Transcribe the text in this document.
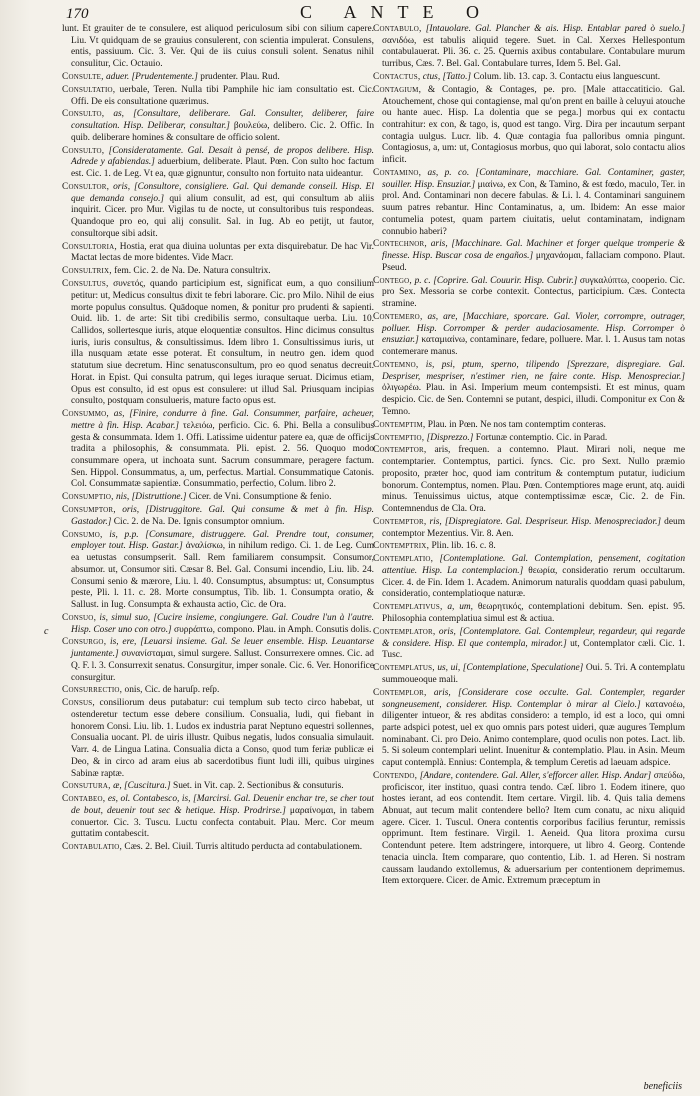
170	C ANTE O
c

lunt. Et grauiter de te consulere, est aliquod periculosum sibi con silium capere. Liu. Vt quidquam de se grauius consulerent, con scientia impulerat. Consulens, entis, passiuum. Cic. 3. Ver. Qui de iis cuius consuli solent. Senatus nihil consulitur, Cic. Octauio.

Consulte, aduer. [Prudentemente.] prudenter. Plau. Rud.

Consultatio, uerbale, Teren. Nulla tibi Pamphile hic iam consultatio est. Cic. Offi. De eis consultatione quærimus.

Consulto, as, [Consultare, deliberare. Gal. Consulter, deliberer, faire consultation. Hisp. Deliberar, consultar.] βουλεύω, delibero. Cic. 2. Offic. In quib. deliberare homines & consultare de officio solent.

Consulto, [Consideratamente. Gal. Desait à pensé, de propos delibere. Hisp. Adrede y afabiendas.] aduerbium, deliberate. Plaut. Pœn. Con sulto hoc factum est. Cic. 1. de Leg. Vt ea, quæ gignuntur, consulto non fortuito nata uideantur.

Consultor, oris, [Consultore, consigliere. Gal. Qui demande conseil. Hisp. El que demanda consejo.] qui alium consulit, ad est, qui consultum ab aliis inquirit. Cicer. pro Mur. Vigilas tu de nocte, ut consultoribus tuis respondeas. Quandoque pro eo, qui alij consulit. Sal. in Iug. Ab eo petijt, ut fautor, consultorque sibi adsit.

Consultoria, Hostia, erat qua diuina uoluntas per exta disquirebatur. De hac Vir. Mactat lectas de more bidentes. Vide Macr.

Consultrix, fem. Cic. 2. de Na. De. Natura consultrix.

Consultus, συνετός, quando participium est, significat eum, a quo consilium petitur: ut, Medicus consultus dixit te febri laborare. Cic. pro Milo. Nihil de eius morte populus consultus. Quādoque nomen, & ponitur pro prudenti & sapienti. Ouid. lib. 1. de arte: Sit tibi credibilis sermo, consultaque uerba. Liu. 10. Callidos, sollertesque iuris, atque eloquentiæ consultos. Hinc dicimus consultus iuris, iuris consultus, & consultissimus. Idem libro 1. Consultissimus iuris, ut illa nusquam ætate esse poterat. Et consultum, in neutro gen. idem quod statutum siue decretum. Hinc senatusconsultum, pro eo quod senatus decreuit. Horat. in Epist. Qui consulta patrum, qui leges iuraque seruat. Dicimus etiam, Opus est consulto, id est opus est consulere: ut illud Sal. Priusquam incipias consulto, postquam consulueris, mature facto opus est.

Consummo, as, [Finire, condurre à fine. Gal. Consummer, parfaire, acheuer, mettre à fin. Hisp. Acabar.] τελειόω, perficio. Cic. 6. Phi. Bella a consulibus gesta & consummata. Idem 1. Offi. Latissime uidentur patere ea, quæ de officijs tradita a philosophis, & consummata. Pli. epist. 2. 56. Quoquo modo consummare opera, ut inchoata sunt. Sacrum consummare, peragere factum. Sen. Hippol. Consummatus, a, um, perfectus. Martial. Consummatique Catonis. Col. Consummatæ sapientiæ. Consummatio, perfectio, Colum. libro 2.

Consumptio, nis, [Distruttione.] Cicer. de Vni. Consumptione & fenio.

Consumptor, oris, [Distruggitore. Gal. Qui consume & met à fin. Hisp. Gastador.] Cic. 2. de Na. De. Ignis consumptor omnium.

Consumo, is, p.p. [Consumare, distruggere. Gal. Prendre tout, consumer, employer tout. Hisp. Gastar.] ἀναλίσκω, in nihilum redigo. Ci. 1. de Leg. Cum ea uetustas consumpserit. Sall. Rem familiarem consumpsit. Consumor, absumor. ut, Consumor siti. Cæsar 8. Bel. Gal. Consumi incendio, Liu. lib. 24. Consumi senio & mærore, Liu. l. 40. Consumptus, absumptus: ut, Consumptus peste, Pli. l. 11. c. 28. Morte consumptus, Tib. lib. 1. Consumpta oratio, & Sallust. in Iug. Consumpta & exhausta actio, Cic. de Ora.

Consuo, is, simul suo, [Cucire insieme, congiungere. Gal. Coudre l'un à l'autre. Hisp. Coser uno con otro.] συρράπτω, compono. Plau. in Amph. Consutis dolis.

Consurgo, is, ere, [Leuarsi insieme. Gal. Se leuer ensemble. Hisp. Leuantarse juntamente.] συνανίσταμαι, simul surgere. Sallust. Consurrexere omnes. Cic. ad Q. F. l. 3. Consurrexit senatus. Consurgitur, imper sonale. Cic. 6. Ver. Honorifice consurgitur.

Consurrectio, onis, Cic. de haruſp. reſp.

Consus, consiliorum deus putabatur: cui templum sub tecto circo habebat, ut ostenderetur tectum esse debere consilium. Consualia, ludi, qui fiebant in honorem Consi. Liu. lib. 1. Ludos ex industria parat Neptuno equestri sollennes, Consualia uocant. Pl. de uiris illustr. Quibus negatis, ludos consualia simulauit. Varr. 4. de Lingua Latina. Consualia dicta a Conso, quod tum feriæ publicæ ei Deo, & in circo ad aram eius ab sacerdotibus fiunt ludi illi, quibus uirgines Sabinæ raptæ.

Consutura, æ, [Cuscitura.] Suet. in Vit. cap. 2. Sectionibus & consuturis.

Contabeo, es, ol. Contabesco, is, [Marcirsi. Gal. Deuenir enchar tre, se cher tout de bout, deuenir tout sec & hetique. Hisp. Prodrirse.] μαραίνομαι, in tabem conuertor. Cic. 3. Tuscu. Luctu confecta contabuit. Plau. Merc. Cor meum guttatim contabescit.

Contabulatio, Cæs. 2. Bel. Ciuil. Turris altitudo perducta ad contabulationem.

Contabulo, [Intauolare. Gal. Plancher & ais. Hisp. Entablar pared ò suelo.] σανιδόω, est tabulis aliquid tegere. Suet. in Cal. Xerxes Hellespontum contabulauerat. Pli. 36. c. 25. Quernis axibus contabulare. Contabulare murum turribus, Cæs. 7. Bel. Gal. Contabulare turres, Idem 5. Bel. Gal.

Contactus, ctus, [Tatto.] Colum. lib. 13. cap. 3. Contactu eius languescunt.

Contagium, & Contagio, & Contages, pe. pro. [Male attaccatiticio. Gal. Atouchement, chose qui contagiense, mal qu'on prent en baille à celuyui atouche ou hante auec. Hisp. La dolentia que se pega.] morbus qui ex contactu contrahitur: ex con, & tago, is, quod est tango. Virg. Dira per incautum serpant contagia uulgus. Lucr. lib. 4. Quæ contagia fua palloribus omnia pingunt. Contagiosus, a, um: ut, Contagiosus morbus, quo qui laborat, solo contactu alios inficit.

Contamino, as, p. co. [Contaminare, macchiare. Gal. Contaminer, gaster, souiller. Hisp. Ensuziar.] μιαίνω, ex Con, & Tamino, & est fœdo, maculo, Ter. in prol. And. Contaminari non decere fabulas. & Li. l. 4. Contaminari sanguinem suum patres rebantur. Hinc Contaminatus, a, um. Ibidem: An esse maior contumelia potest, quam partem ciuitatis, uelut contaminatam, indignam connubio haberi?

Contechnor, aris, [Macchinare. Gal. Machiner et forger quelque tromperie & finesse. Hisp. Buscar cosa de engaños.] μηχανάομαι, fallaciam compono. Plaut. Pseud.

Contego, p. c. [Coprire. Gal. Couurir. Hisp. Cubrir.] συγκαλύπτω, cooperio. Cic. pro Sex. Messoria se corbe contexit. Contectus, participium. Cæs. Contecta stramine.

Contemero, as, are, [Macchiare, sporcare. Gal. Violer, corrompre, outrager, polluer. Hisp. Corromper & perder audaciosamente. Hisp. Corromper ò ensuziar.] καταμιαίνω, contaminare, fedare, polluere. Mar. l. 1. Ausus tam notas contemerare manus.

Contemno, is, psi, ptum, sperno, tilipendo [Sprezzare, dispregiare. Gal. Despriser, mespriser, n'estimer rien, ne faire conte. Hisp. Menospreciar.] ὀλιγωρέω. Plau. in Asi. Imperium meum contempsisti. Et est minus, quam despicio. Cic. de Sen. Contemni se putant, despici, illudi. Componitur ex Con & Temno.

Contemptim, Plau. in Pœn. Ne nos tam contemptim conteras.

Contemptio, [Disprezzo.] Fortunæ contemptio. Cic. in Parad.

Contemptor, aris, frequen. a contemno. Plaut. Mirari noli, neque me contemptarier. Contemptus, partici. ſyncs. Cic. pro Sext. Nullo præmio proposito, præter hoc, quod iam contritum & contemptum putatur, iudicium bonorum. Contemptus, nomen. Plau. Pœn. Contemptiores mage erunt, atq. auidi minus. Tenuissimus uictus, atque contemptissimæ escæ, Cic. 2. de Fin. Contemnendus de Cla. Ora.

Contemptor, ris, [Dispregiatore. Gal. Despriseur. Hisp. Menospreciador.] deum contemptor Mezentius. Vir. 8. Aen.

Contemptrix, Plin. lib. 16. c. 8.

Contemplatio, [Contemplatione. Gal. Contemplation, pensement, cogitation attentiue. Hisp. La contemplacion.] θεωρία, consideratio rerum occultarum. Cicer. 4. de Fin. Idem 1. Academ. Animorum naturalis quoddam quasi pabulum, consideratio, contemplatioque naturæ.

Contemplativus, a, um, θεωρητικός, contemplationi debitum. Sen. epist. 95. Philosophia contemplatiua simul est & actiua.

Contemplator, oris, [Contemplatore. Gal. Contempleur, regardeur, qui regarde & considere. Hisp. El que contempla, mirador.] ut, Contemplator cæli. Cic. 1. Tusc.

Contemplatus, us, ui, [Contemplatione, Speculatione] Oui. 5. Tri. A contemplatu summoueoque mali.

Contemplor, aris, [Considerare cose occulte. Gal. Contempler, regarder songneusement, considerer. Hisp. Contemplar ò mirar al Cielo.] κατανοέω, diligenter intueor, & res abditas considero: a templo, id est a loco, qui omni parte adspici potest, uel ex quo omnis pars potest uideri, quæ augures Templum nominabant. Ci. pro Deio. Animo contemplare, quod oculis non potes. Lact. lib. 5. Si soleum contemplari uelint. Inuenitur & contemplatio. Plau. in Asin. Meum caput contemplà. Ennius: Contempla, & templum Ceretis ad laeuam adspice.

Contendo, [Andare, contendere. Gal. Aller, s'efforcer aller. Hisp. Andar] σπεύδω, proficiscor, iter instituo, quasi contra tendo. Cæſ. libro 1. Eodem itinere, quo hostes ierant, ad eos contendit. Item certare. Virgil. lib. 4. Quis talia demens Abnuat, aut tecum malit contendere bello? Item cum conatu, ac nixu aliquid agere. Cicer. 1. Tuscul. Onera contentis corporibus facilius feruntur, remissis opprimunt. Item festinare. Virgil. 1. Aeneid. Qua litora proxima cursu Contendunt petere. Item adstringere, intorquere, ut libro 4. Georg. Contende tenacia uincla. Item comparare, quo contentio, Lib. 1. ad Heren. Si nostram caussam laudando extollemus, & aduersarium per contentionem deprimemus. Item extorquere. Cicer. de Amic. Extremum præceptum in

beneficiis
